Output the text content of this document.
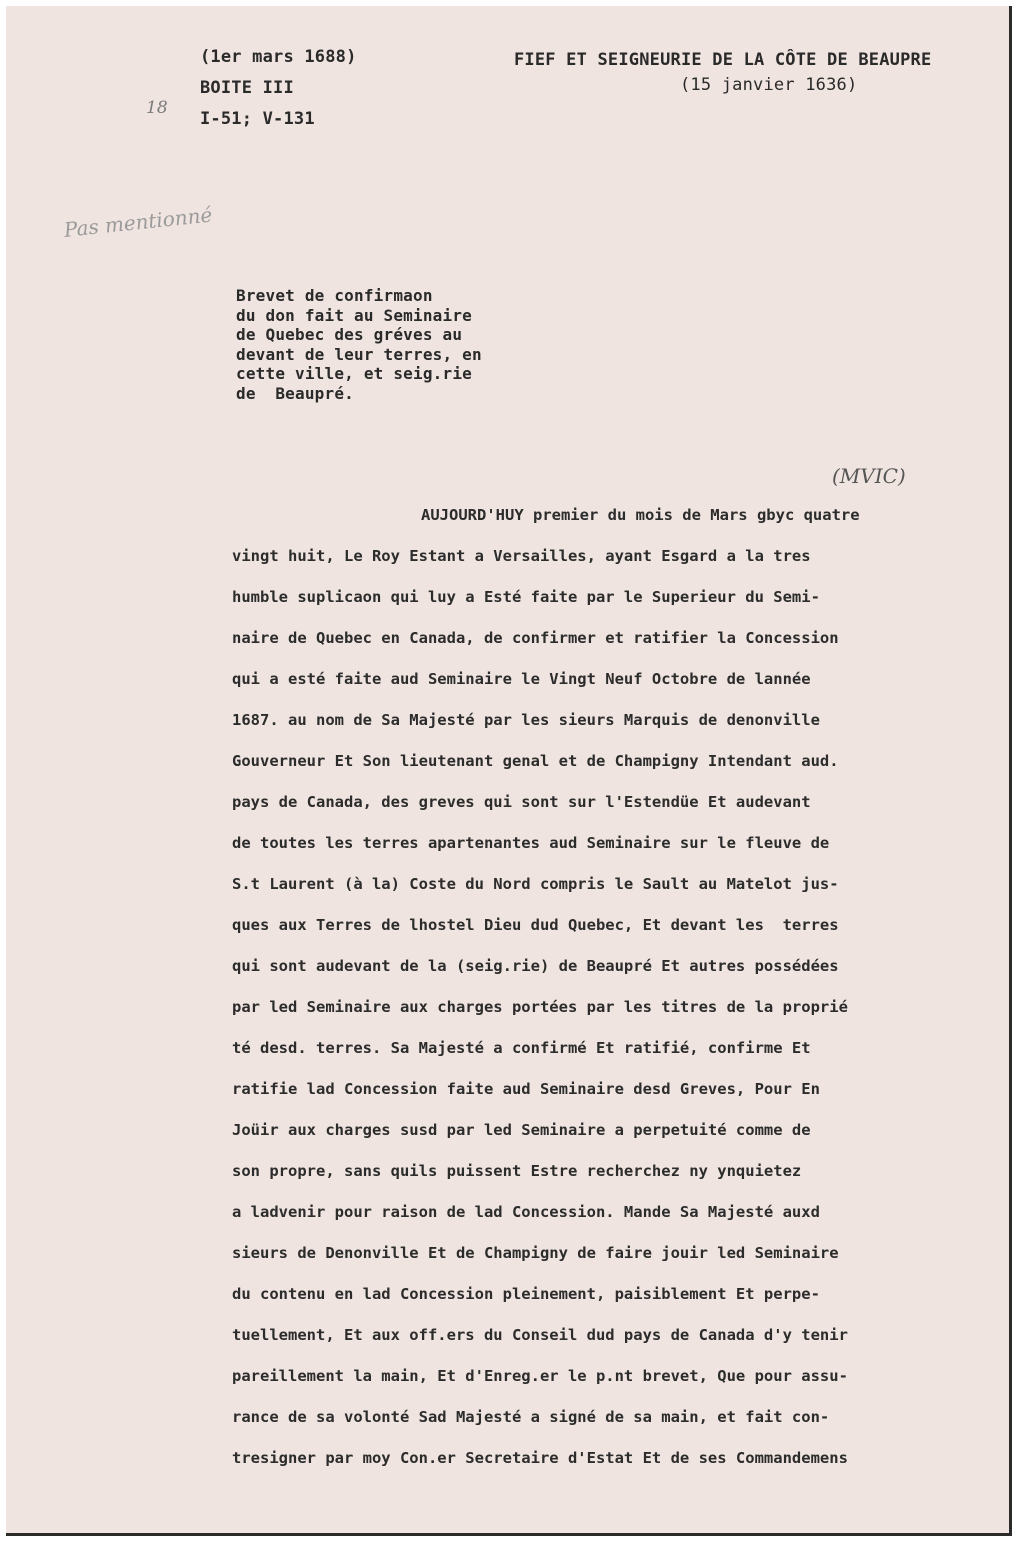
(1er mars 1688)
BOITE III
I-51; V-131
FIEF ET SEIGNEURIE DE LA CÔTE DE BEAUPRE
(15 janvier 1636)
18
Pas mentionné
(MVIC)
Brevet de confirmaon
du don fait au Seminaire
de Quebec des gréves au
devant de leur terres, en
cette ville, et seig.rie
de  Beaupré.
AUJOURD'HUY premier du mois de Mars gbyc quatre
vingt huit, Le Roy Estant a Versailles, ayant Esgard a la tres
humble suplicaon qui luy a Esté faite par le Superieur du Semi-
naire de Quebec en Canada, de confirmer et ratifier la Concession
qui a esté faite aud Seminaire le Vingt Neuf Octobre de lannée
1687. au nom de Sa Majesté par les sieurs Marquis de denonville
Gouverneur Et Son lieutenant genal et de Champigny Intendant aud.
pays de Canada, des greves qui sont sur l'Estendüe Et audevant
de toutes les terres apartenantes aud Seminaire sur le fleuve de
S.t Laurent (à la) Coste du Nord compris le Sault au Matelot jus-
ques aux Terres de lhostel Dieu dud Quebec, Et devant les  terres
qui sont audevant de la (seig.rie) de Beaupré Et autres possédées
par led Seminaire aux charges portées par les titres de la proprié
té desd. terres. Sa Majesté a confirmé Et ratifié, confirme Et
ratifie lad Concession faite aud Seminaire desd Greves, Pour En
Joüir aux charges susd par led Seminaire a perpetuité comme de
son propre, sans quils puissent Estre recherchez ny ynquietez
a ladvenir pour raison de lad Concession. Mande Sa Majesté auxd
sieurs de Denonville Et de Champigny de faire jouir led Seminaire
du contenu en lad Concession pleinement, paisiblement Et perpe-
tuellement, Et aux off.ers du Conseil dud pays de Canada d'y tenir
pareillement la main, Et d'Enreg.er le p.nt brevet, Que pour assu-
rance de sa volonté Sad Majesté a signé de sa main, et fait con-
tresigner par moy Con.er Secretaire d'Estat Et de ses Commandemens
